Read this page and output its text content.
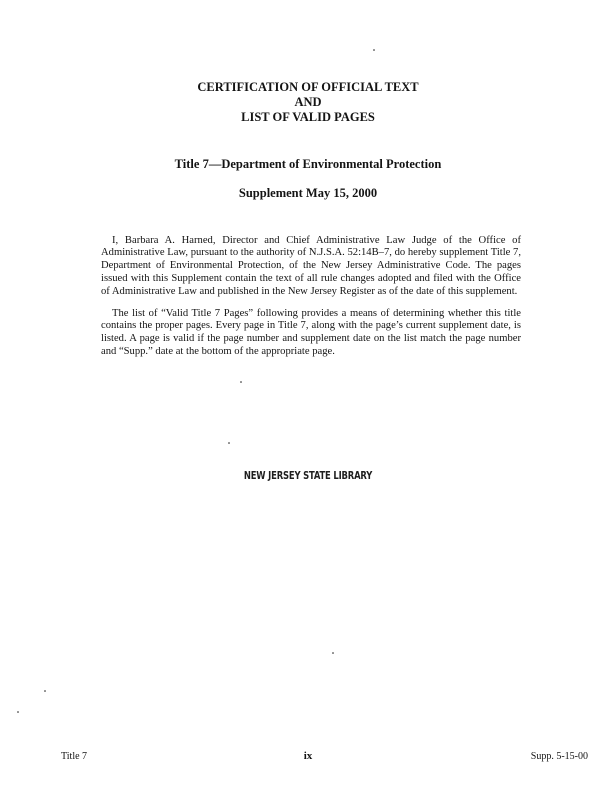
CERTIFICATION OF OFFICIAL TEXT
AND
LIST OF VALID PAGES
Title 7—Department of Environmental Protection
Supplement May 15, 2000

I, Barbara A. Harned, Director and Chief Administrative Law Judge of the Office of Administrative Law, pursuant to the authority of N.J.S.A. 52:14B–7, do hereby supplement Title 7, Department of Environmental Protection, of the New Jersey Administrative Code. The pages issued with this Supplement contain the text of all rule changes adopted and filed with the Office of Administrative Law and published in the New Jersey Register as of the date of this supplement.

The list of “Valid Title 7 Pages” following provides a means of determining whether this title contains the proper pages. Every page in Title 7, along with the page’s current supplement date, is listed. A page is valid if the page number and supplement date on the list match the page number and “Supp.” date at the bottom of the appropriate page.

NEW JERSEY STATE LIBRARY
Title 7	ix	Supp. 5-15-00
